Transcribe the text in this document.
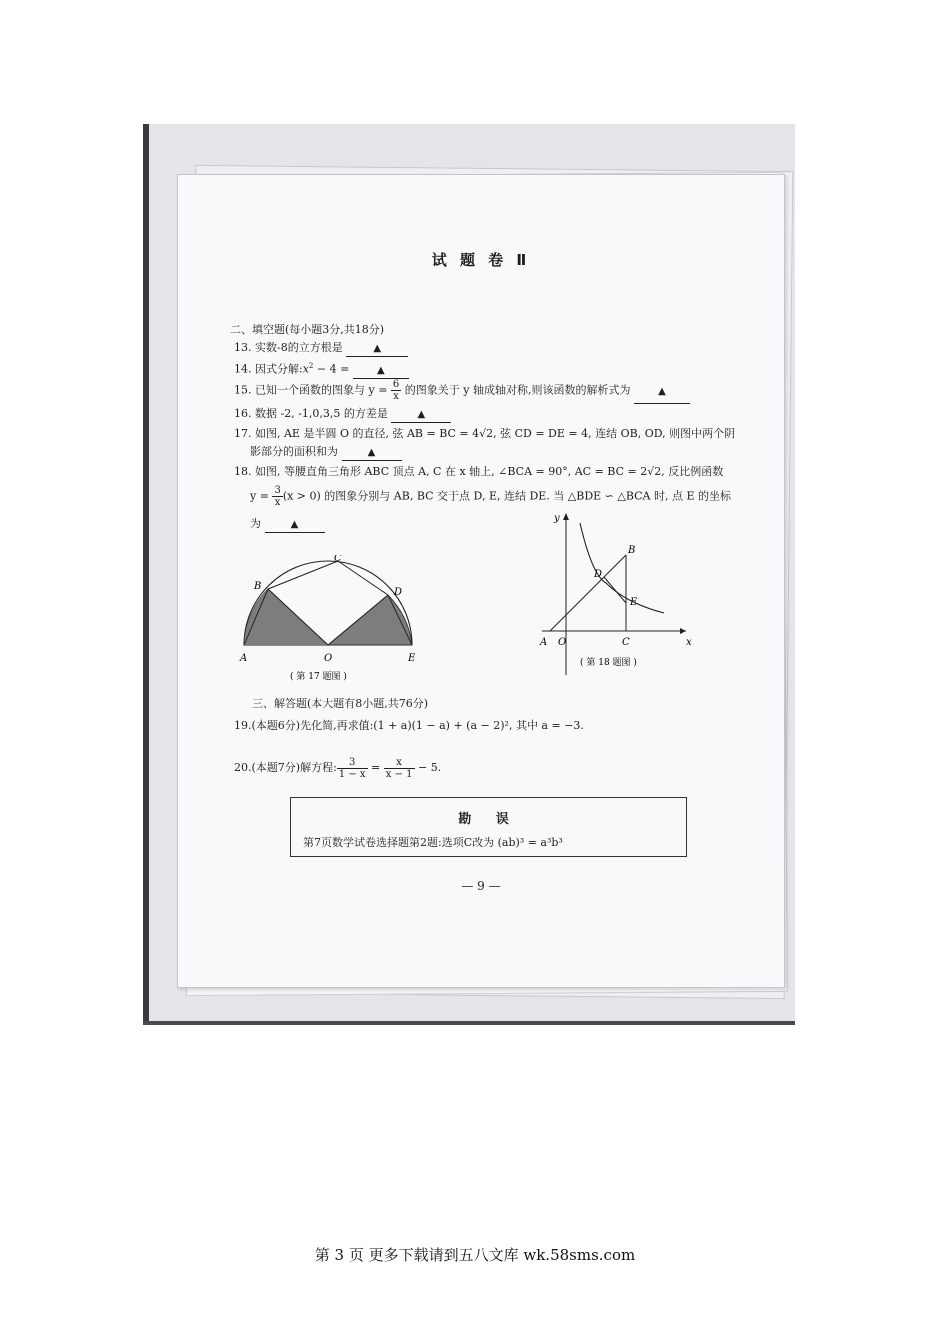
试 题 卷 Ⅱ
二、填空题(每小题3分,共18分)
13. 实数-8的立方根是	▲
14. 因式分解$:x^2 - 4$ = ▲
15. 已知一个函数的图象与 $y = \frac{6}{x}$ 的图象关于 y 轴成轴对称,则该函数的解析式为	▲
16. 数据 -2, -1,0,3,5 的方差是	▲
17. 如图, AE 是半圆 O 的直径, 弦 AB = BC = 4√2, 弦 CD = DE = 4, 连结 OB, OD, 则图中两个阴
影部分的面积和为	▲
18. 如图, 等腰直角三角形 ABC 顶点 A, C 在 x 轴上, ∠BCA = 90°, AC = BC = 2√2, 反比例函数
$y = \frac{3}{x} (x > 0)$ 的图象分别与 AB, BC 交于点 D, E, 连结 DE. 当 △BDE ∽ △BCA 时, 点 E 的坐标
为	▲
B
C
D
A	O	E
( 第 17 题图 )
y
x
A O	C
B
D
E
( 第 18 题图 )
三、解答题(本大题有8小题,共76分)
19.(本题6分)先化简,再求值:(1 + a)(1 − a) + (a − 2)², 其中 a = −3.
20.(本题7分)解方程: $\frac{3}{1 - x} = \frac{x}{x - 1} - 5$.
勘 误
第7页数学试卷选择题第2题:选项C改为 (ab)³ = a³b³
— 9 —
第 3 页 更多下载请到五八文库 wk.58sms.com
